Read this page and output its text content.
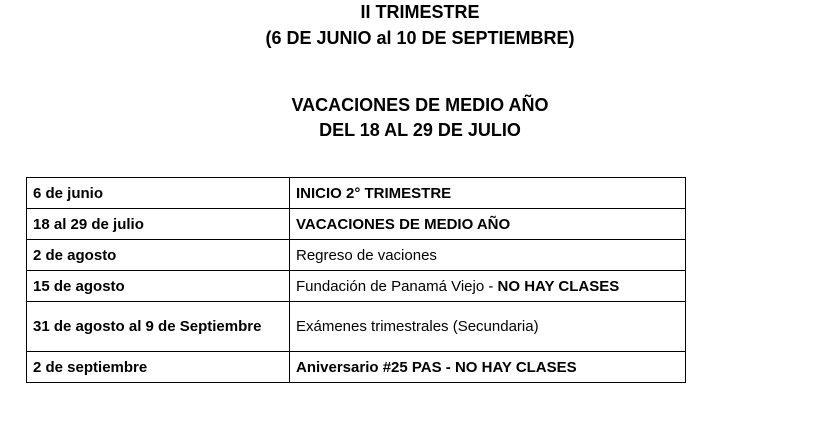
II TRIMESTRE
(6 DE JUNIO al 10 DE SEPTIEMBRE)
VACACIONES DE MEDIO AÑO
DEL 18 AL 29 DE JULIO
6 de junio	INICIO 2° TRIMESTRE
18 al 29 de julio	VACACIONES DE MEDIO AÑO
2 de agosto	Regreso de vaciones
15 de agosto	Fundación de Panamá Viejo - NO HAY CLASES
31 de agosto al 9 de Septiembre	Exámenes trimestrales (Secundaria)
2 de septiembre	Aniversario #25 PAS - NO HAY CLASES
